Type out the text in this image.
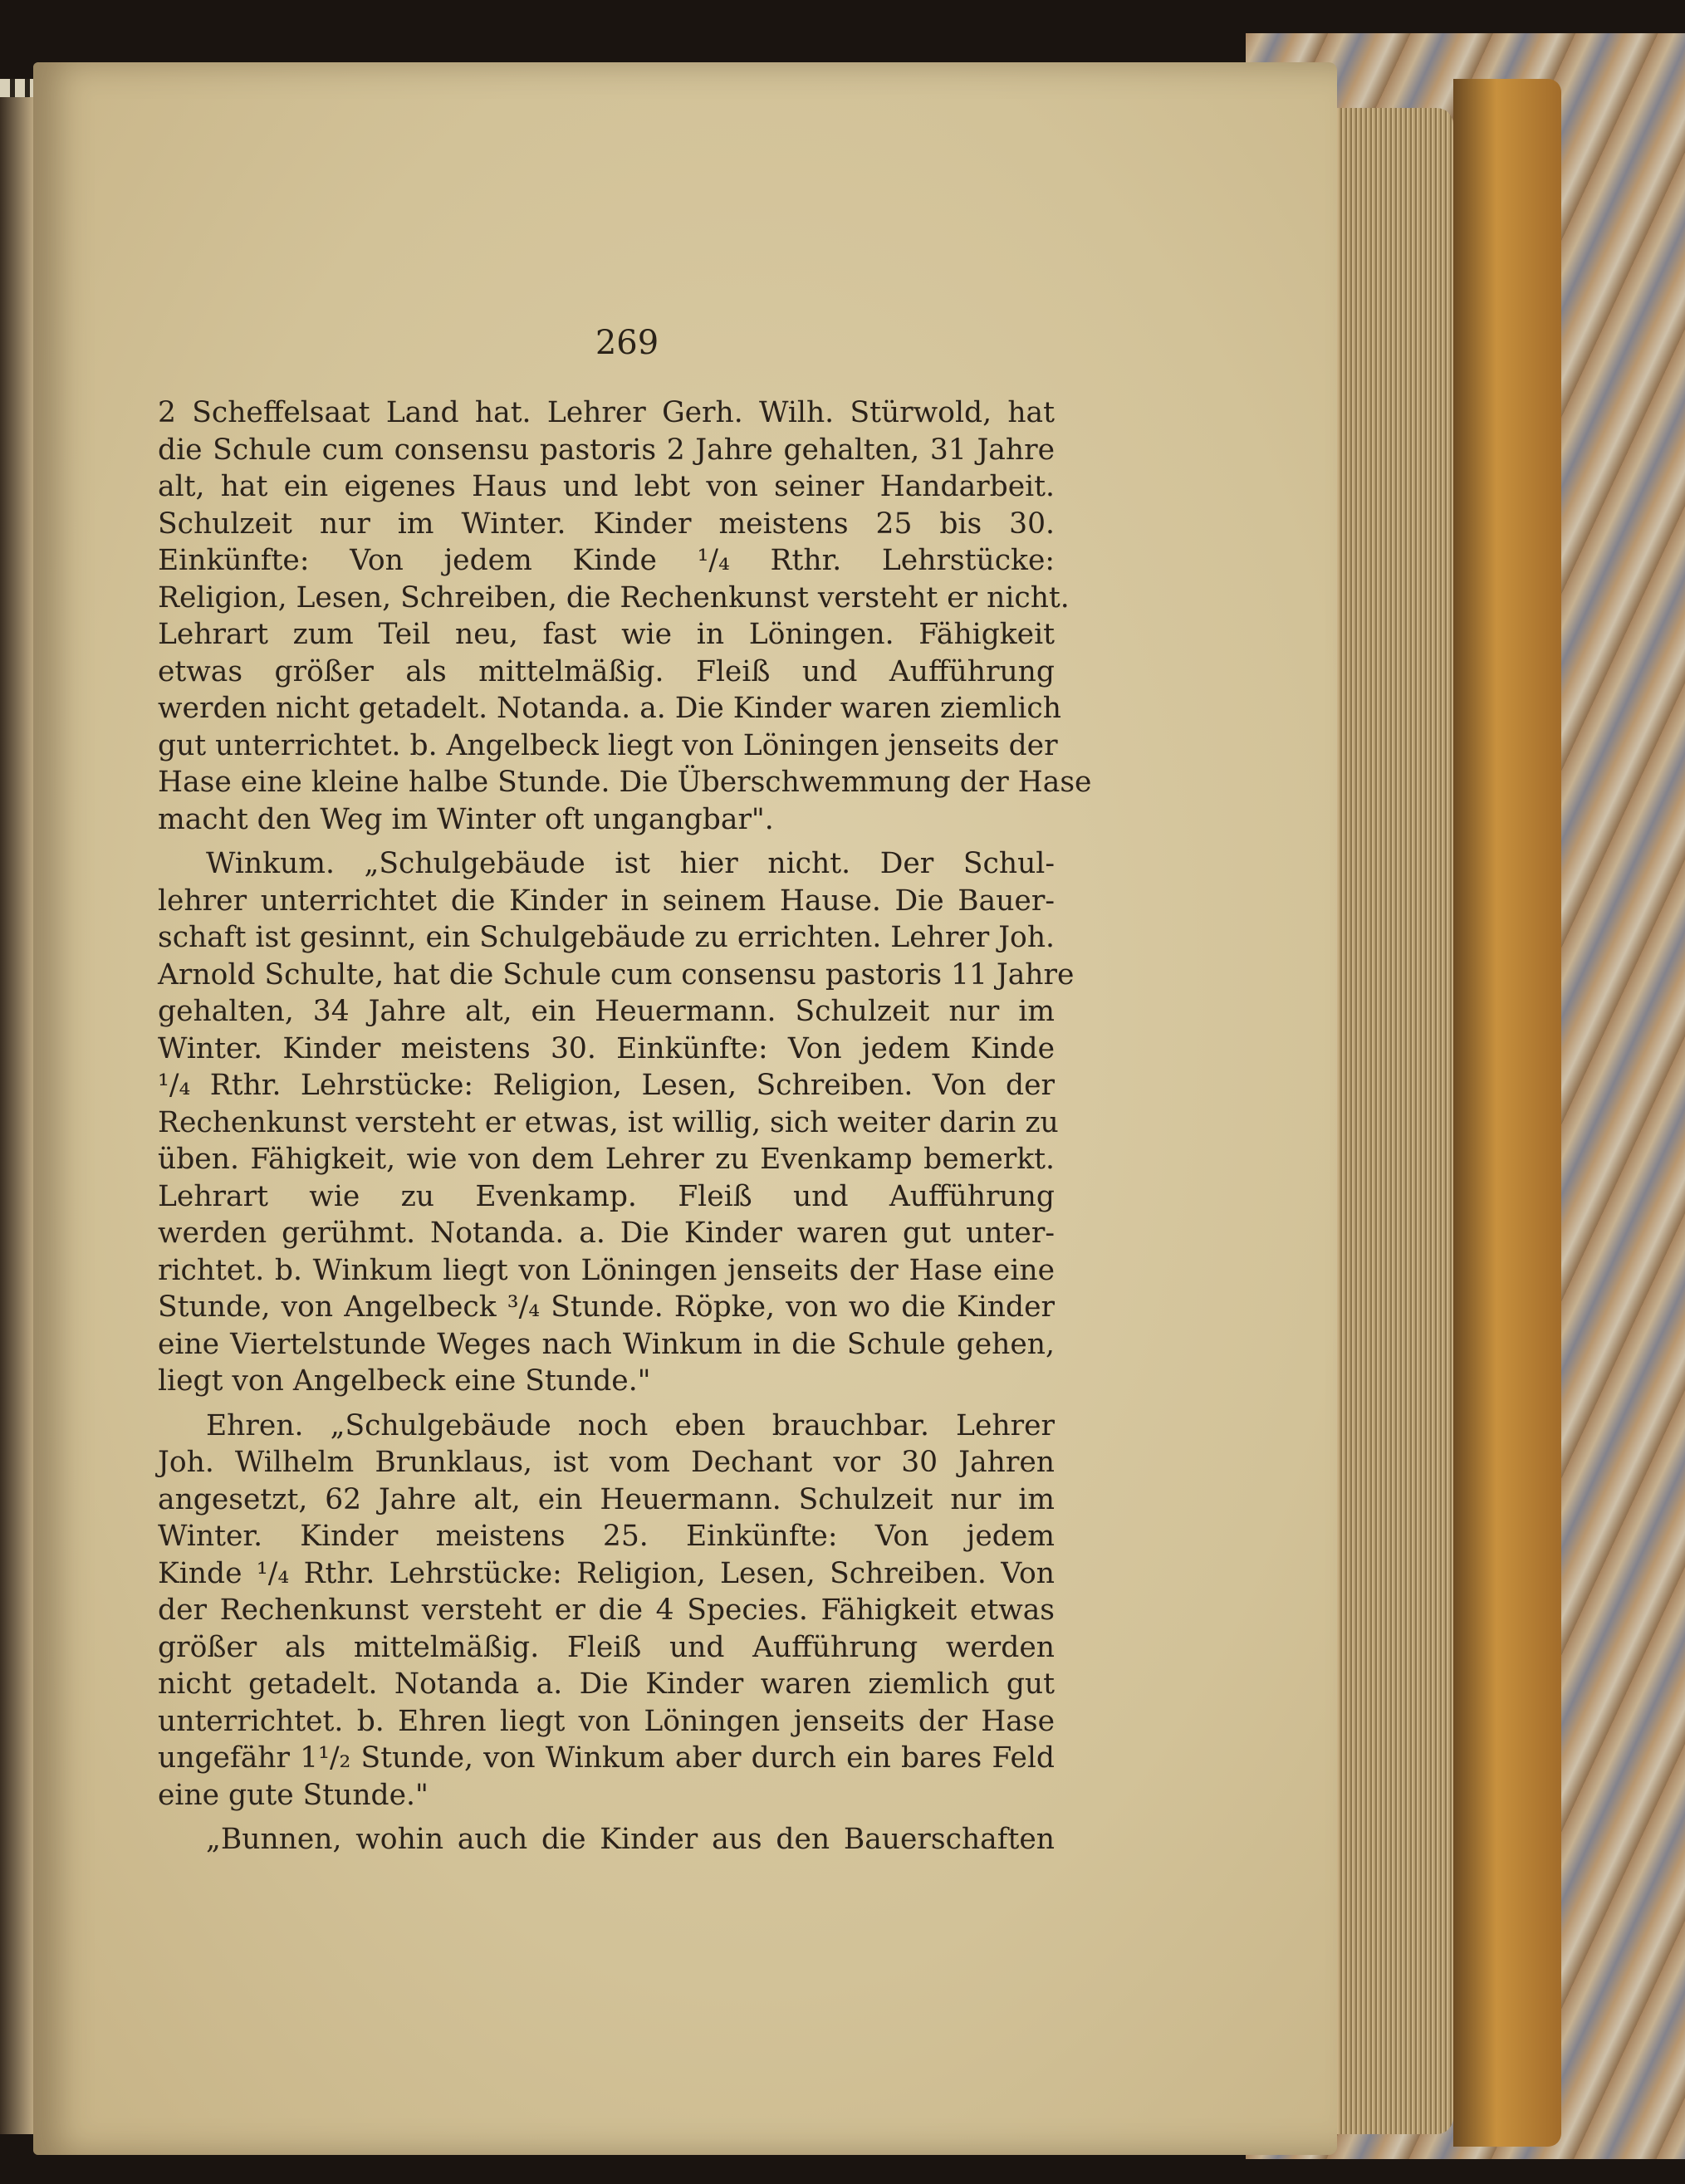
269
2 Scheffelsaat Land hat. Lehrer Gerh. Wilh. Stürwold, hat
die Schule cum consensu pastoris 2 Jahre gehalten, 31 Jahre
alt, hat ein eigenes Haus und lebt von seiner Handarbeit.
Schulzeit nur im Winter. Kinder meistens 25 bis 30.
Einkünfte: Von jedem Kinde ¹/₄ Rthr. Lehrstücke:
Religion, Lesen, Schreiben, die Rechenkunst versteht er nicht.
Lehrart zum Teil neu, fast wie in Löningen. Fähigkeit
etwas größer als mittelmäßig. Fleiß und Aufführung
werden nicht getadelt. Notanda. a. Die Kinder waren ziemlich
gut unterrichtet. b. Angelbeck liegt von Löningen jenseits der
Hase eine kleine halbe Stunde. Die Überschwemmung der Hase
macht den Weg im Winter oft ungangbar".
Winkum. „Schulgebäude ist hier nicht. Der Schul-
lehrer unterrichtet die Kinder in seinem Hause. Die Bauer-
schaft ist gesinnt, ein Schulgebäude zu errichten. Lehrer Joh.
Arnold Schulte, hat die Schule cum consensu pastoris 11 Jahre
gehalten, 34 Jahre alt, ein Heuermann. Schulzeit nur im
Winter. Kinder meistens 30. Einkünfte: Von jedem Kinde
¹/₄ Rthr. Lehrstücke: Religion, Lesen, Schreiben. Von der
Rechenkunst versteht er etwas, ist willig, sich weiter darin zu
üben. Fähigkeit, wie von dem Lehrer zu Evenkamp bemerkt.
Lehrart wie zu Evenkamp. Fleiß und Aufführung
werden gerühmt. Notanda. a. Die Kinder waren gut unter-
richtet. b. Winkum liegt von Löningen jenseits der Hase eine
Stunde, von Angelbeck ³/₄ Stunde. Röpke, von wo die Kinder
eine Viertelstunde Weges nach Winkum in die Schule gehen,
liegt von Angelbeck eine Stunde."
Ehren. „Schulgebäude noch eben brauchbar. Lehrer
Joh. Wilhelm Brunklaus, ist vom Dechant vor 30 Jahren
angesetzt, 62 Jahre alt, ein Heuermann. Schulzeit nur im
Winter. Kinder meistens 25. Einkünfte: Von jedem
Kinde ¹/₄ Rthr. Lehrstücke: Religion, Lesen, Schreiben. Von
der Rechenkunst versteht er die 4 Species. Fähigkeit etwas
größer als mittelmäßig. Fleiß und Aufführung werden
nicht getadelt. Notanda a. Die Kinder waren ziemlich gut
unterrichtet. b. Ehren liegt von Löningen jenseits der Hase
ungefähr 1¹/₂ Stunde, von Winkum aber durch ein bares Feld
eine gute Stunde."
„Bunnen, wohin auch die Kinder aus den Bauerschaften
